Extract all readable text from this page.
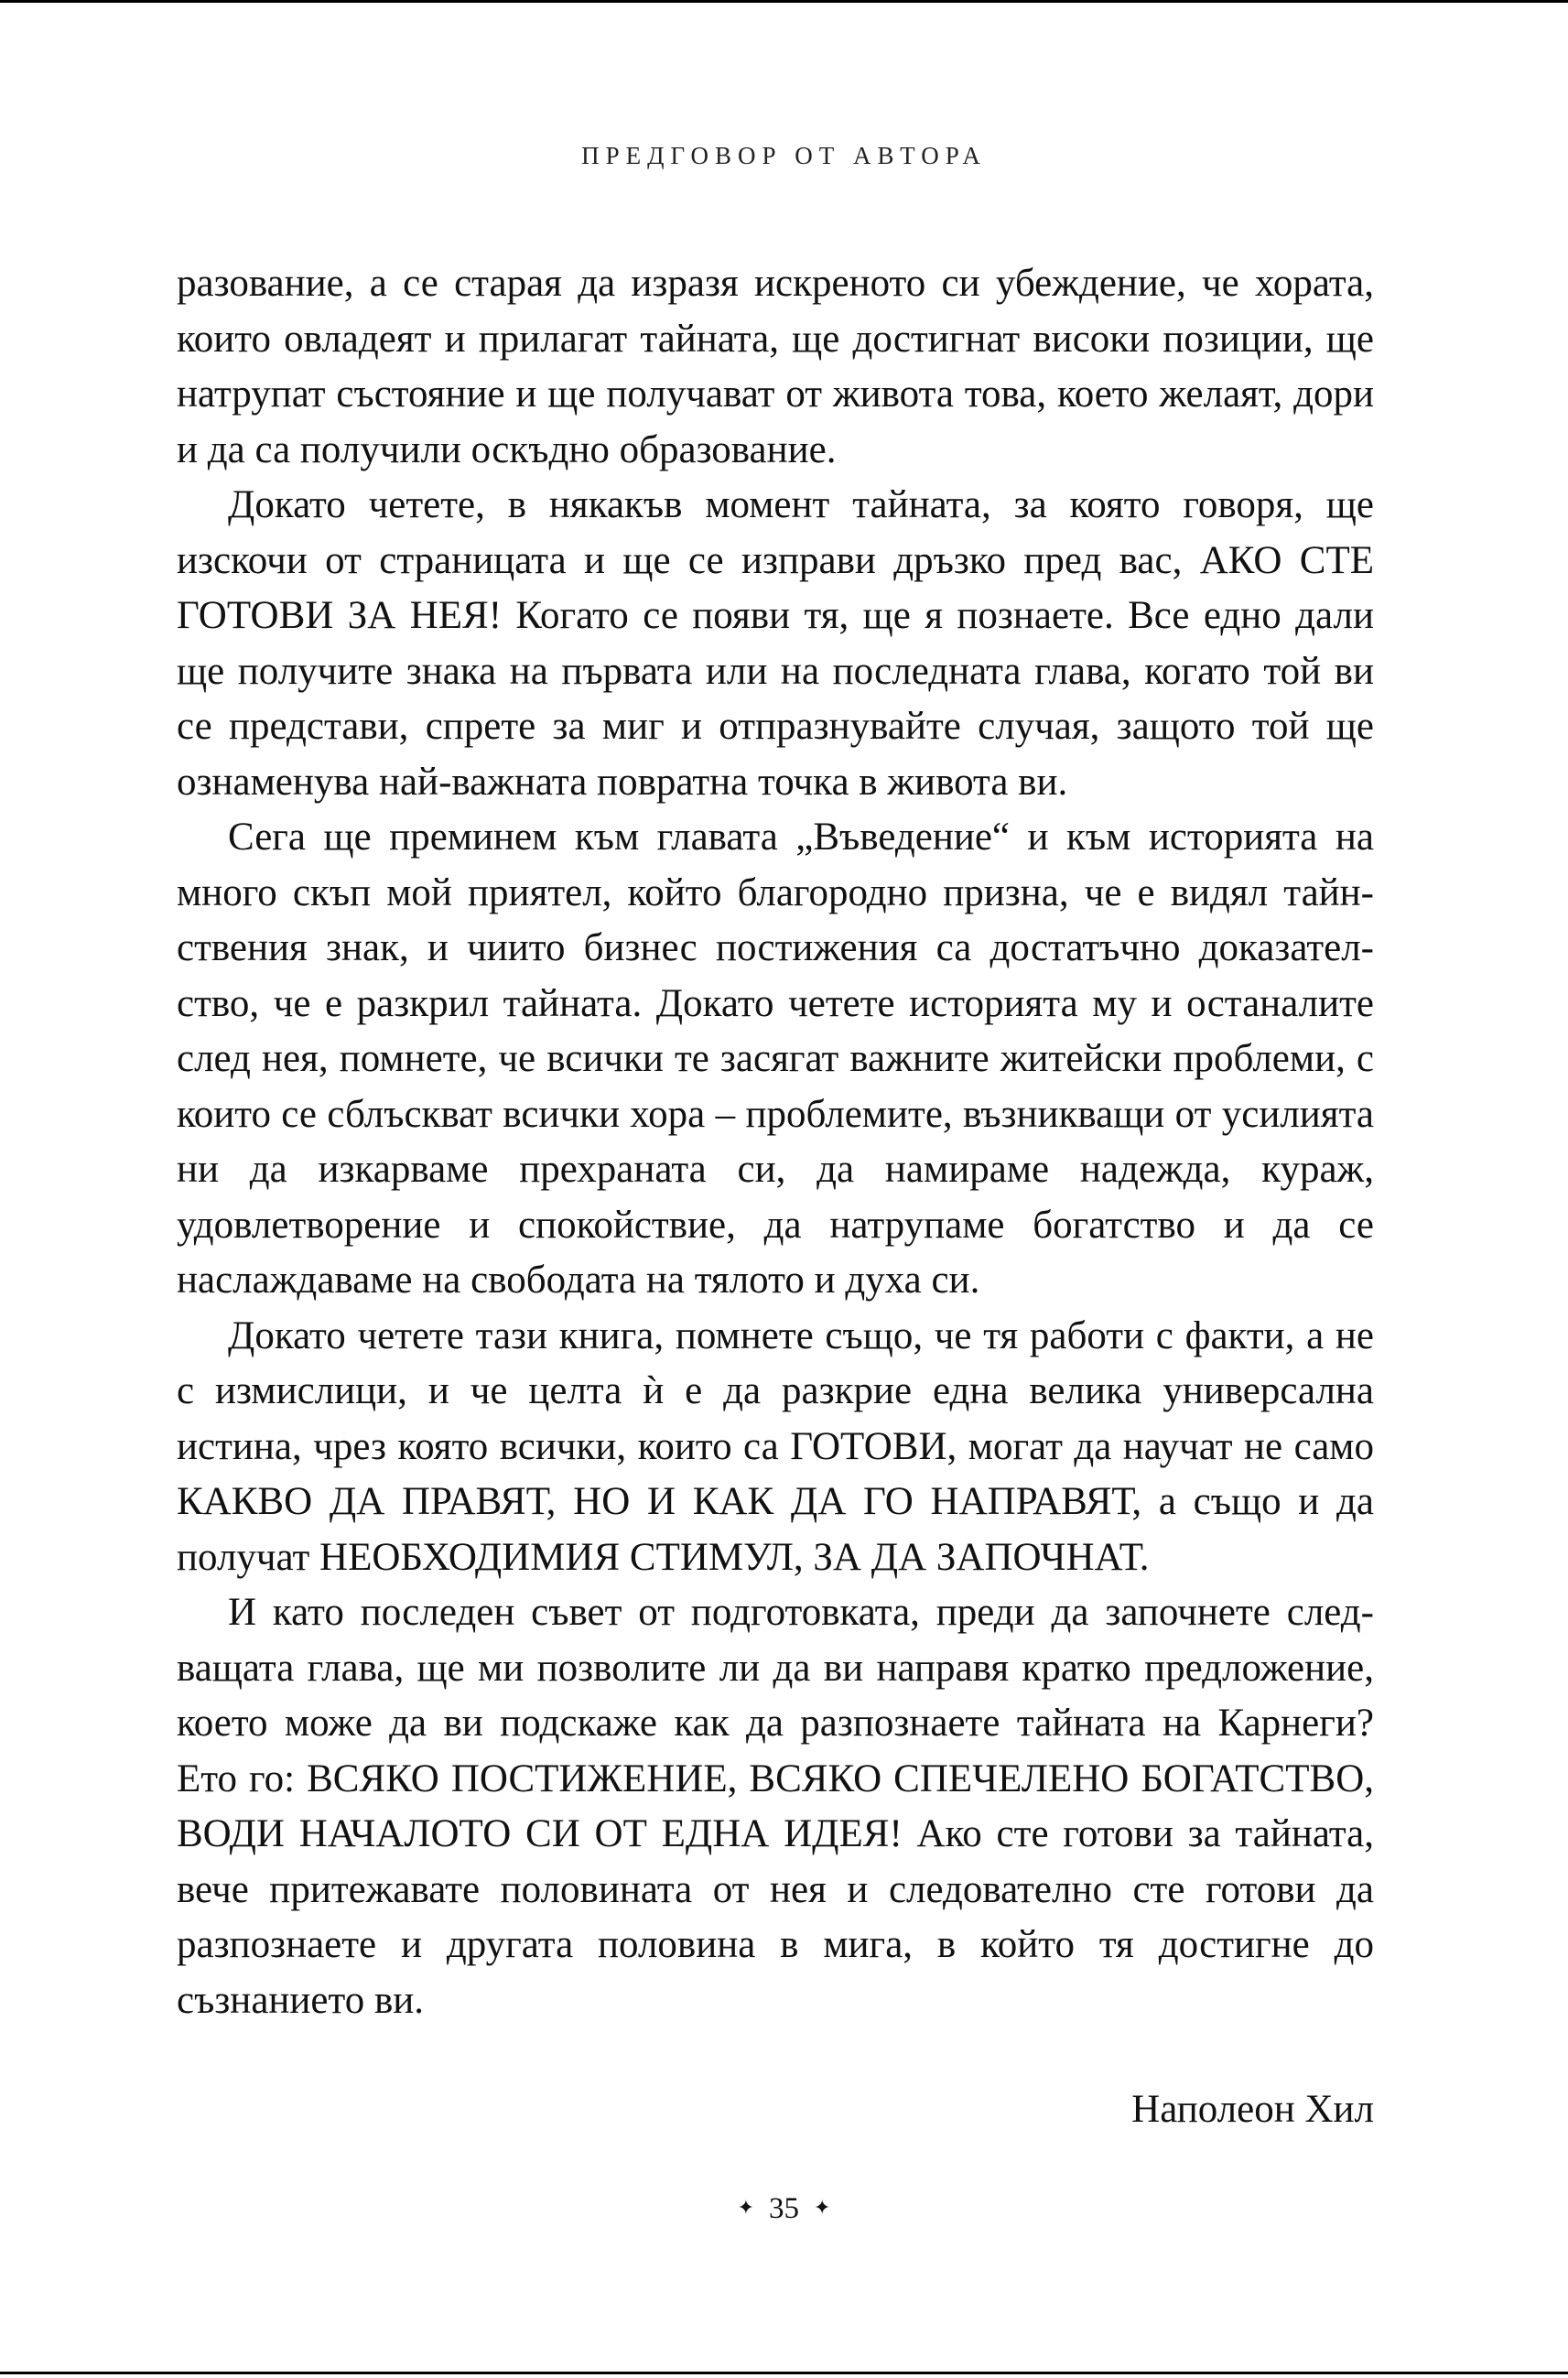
ПРЕДГОВОР ОТ АВТОРА

разование, а се старая да изразя искреното си убеждение, че хората, които овладеят и прилагат тайната, ще достигнат високи позиции, ще натрупат състояние и ще получават от живота това, което желаят, дори и да са получили оскъдно образование.

Докато четете, в някакъв момент тайната, за която говоря, ще изскочи от страницата и ще се изправи дръзко пред вас, АКО СТЕ ГОТОВИ ЗА НЕЯ! Когато се появи тя, ще я познаете. Все едно дали ще получите знака на първата или на последната глава, когато той ви се представи, спрете за миг и отпразнувайте случая, защото той ще ознаменува най-важната повратна точка в живота ви.

Сега ще преминем към главата „Въведение“ и към историята на много скъп мой приятел, който благородно призна, че е видял тайнствения знак, и чиито бизнес постижения са достатъчно доказателство, че е разкрил тайната. Докато четете историята му и останалите след нея, помнете, че всички те засягат важните житейски проблеми, с които се сблъскват всички хора – проблемите, възникващи от усилията ни да изкарваме прехраната си, да намираме надежда, кураж, удовлетворение и спокойствие, да натрупаме богатство и да се наслаждаваме на свободата на тялото и духа си.

Докато четете тази книга, помнете също, че тя работи с факти, а не с измислици, и че целта ѝ е да разкрие една велика универсална истина, чрез която всички, които са ГОТОВИ, могат да научат не само КАКВО ДА ПРАВЯТ, НО И КАК ДА ГО НАПРАВЯТ, а също и да получат НЕОБХОДИМИЯ СТИМУЛ, ЗА ДА ЗАПОЧНАТ.

И като последен съвет от подготовката, преди да започнете следващата глава, ще ми позволите ли да ви направя кратко предложение, което може да ви подскаже как да разпознаете тайната на Карнеги? Ето го: ВСЯКО ПОСТИЖЕНИЕ, ВСЯКО СПЕЧЕЛЕНО БОГАТСТВО, ВОДИ НАЧАЛОТО СИ ОТ ЕДНА ИДЕЯ! Ако сте готови за тайната, вече притежавате половината от нея и следователно сте готови да разпознаете и другата половина в мига, в който тя достигне до съзнанието ви.

Наполеон Хил
✦ 35 ✦
